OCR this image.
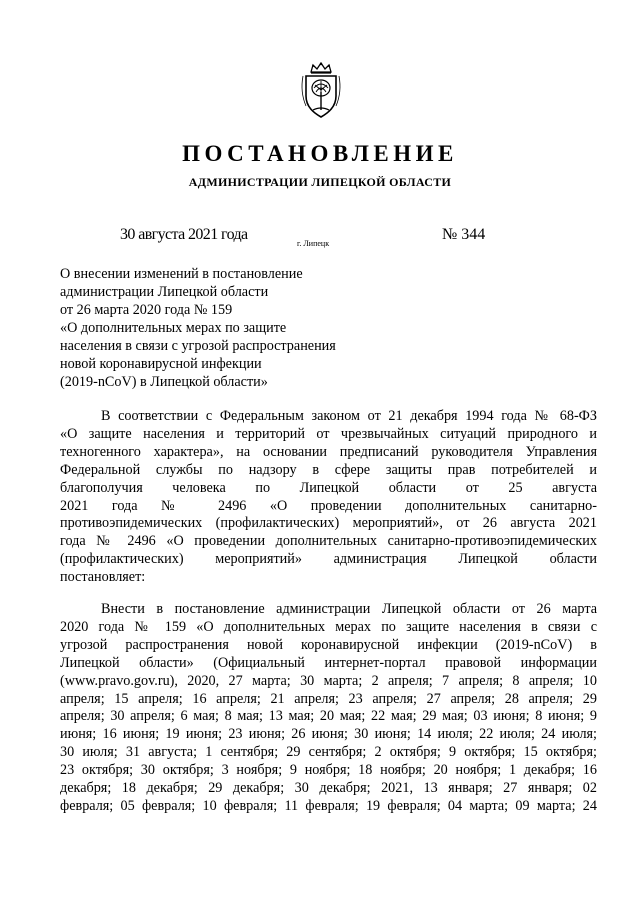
ПОСТАНОВЛЕНИЕ
АДМИНИСТРАЦИИ ЛИПЕЦКОЙ ОБЛАСТИ
30 августа 2021 года
г. Липецк
№ 344
О внесении изменений в постановление
администрации Липецкой области
от 26 марта 2020 года № 159
«О дополнительных мерах по защите
населения в связи с угрозой распространения
новой коронавирусной инфекции
(2019-nCoV) в Липецкой области»
В соответствии с Федеральным законом от 21 декабря 1994 года № 68-ФЗ
«О защите населения и территорий от чрезвычайных ситуаций природного и
техногенного характера», на основании предписаний руководителя Управления
Федеральной службы по надзору в сфере защиты прав потребителей и
благополучия человека по Липецкой области от 25 августа
2021 года № 2496 «О проведении дополнительных санитарно-
противоэпидемических (профилактических) мероприятий», от 26 августа 2021
года № 2496 «О проведении дополнительных санитарно-противоэпидемических
(профилактических) мероприятий» администрация Липецкой области
постановляет:
Внести в постановление администрации Липецкой области от 26 марта
2020 года № 159 «О дополнительных мерах по защите населения в связи с
угрозой распространения новой коронавирусной инфекции (2019-nCoV) в
Липецкой области» (Официальный интернет-портал правовой информации
(www.pravo.gov.ru), 2020, 27 марта; 30 марта; 2 апреля; 7 апреля; 8 апреля; 10
апреля; 15 апреля; 16 апреля; 21 апреля; 23 апреля; 27 апреля; 28 апреля; 29
апреля; 30 апреля; 6 мая; 8 мая; 13 мая; 20 мая; 22 мая; 29 мая; 03 июня; 8 июня; 9
июня; 16 июня; 19 июня; 23 июня; 26 июня; 30 июня; 14 июля; 22 июля; 24 июля;
30 июля; 31 августа; 1 сентября; 29 сентября; 2 октября; 9 октября; 15 октября;
23 октября; 30 октября; 3 ноября; 9 ноября; 18 ноября; 20 ноября; 1 декабря; 16
декабря; 18 декабря; 29 декабря; 30 декабря; 2021, 13 января; 27 января; 02
февраля; 05 февраля; 10 февраля; 11 февраля; 19 февраля; 04 марта; 09 марта; 24
